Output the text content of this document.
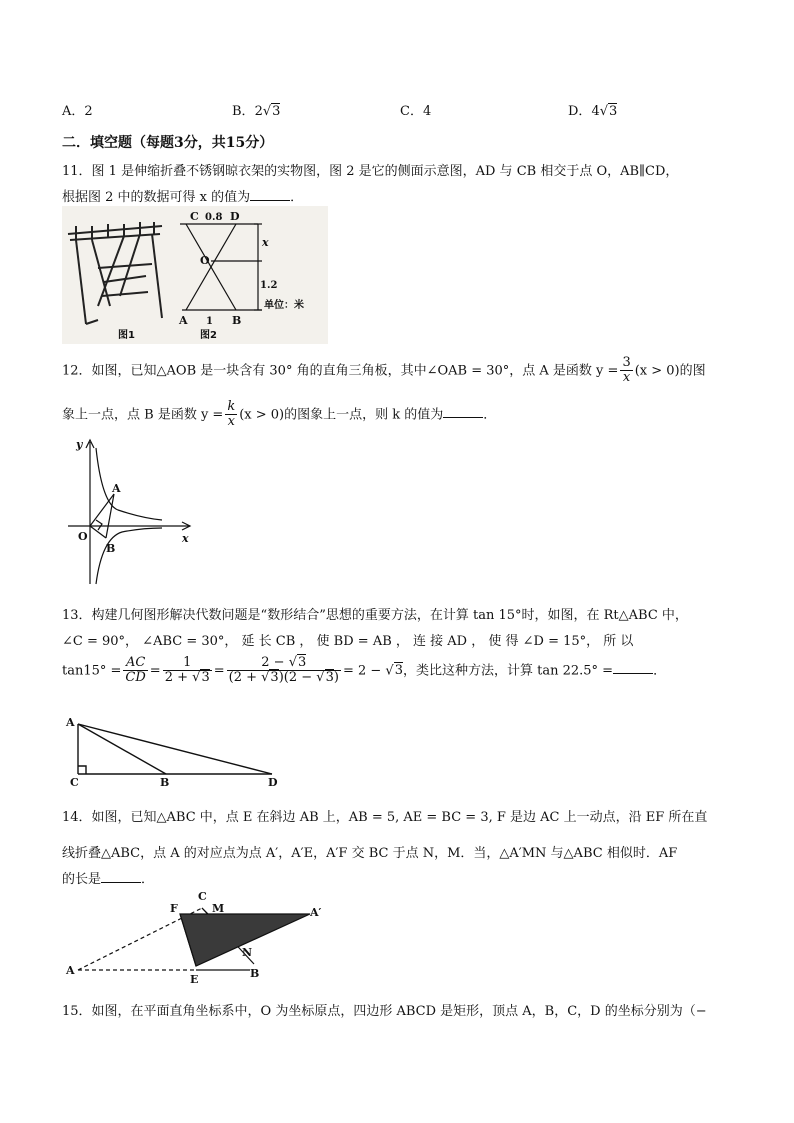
A．2	B．2√3	C．4	D．4√3
二．填空题（每题3分，共15分）
11．图 1 是伸缩折叠不锈钢晾衣架的实物图，图 2 是它的侧面示意图，AD 与 CB 相交于点 O，AB∥CD，
根据图 2 中的数据可得 x 的值为	．
C 0.8 D
O
x
1.2
单位：米
A 1 B
图1	图2
12．如图，已知△AOB 是一块含有 30° 角的直角三角板，其中∠OAB = 30°，点 A 是函数 $y = \frac{3}{x} (x > 0)$的图
象上一点，点 B 是函数 $y = \frac{k}{x} (x > 0)$的图象上一点，则 k 的值为	．
y
x
A
O
B
13．构建几何图形解决代数问题是“数形结合”思想的重要方法，在计算 tan 15°时，如图，在 Rt△ABC 中，
∠C = 90°， ∠ABC = 30°， 延 长 CB ， 使 BD = AB ， 连 接 AD ， 使 得 ∠D = 15°， 所 以
$\tan 15^\circ = \frac{AC}{CD} = \frac{1}{2 + √3} = \frac{2 - √3}{(2 + √3)(2 - √3)} = 2 - √3$，类比这种方法，计算 tan 22.5° =	．
A
C	B	D
14．如图，已知△ABC 中，点 E 在斜边 AB 上，AB = 5, AE = BC = 3, F 是边 AC 上一动点，沿 EF 所在直
线折叠△ABC，点 A 的对应点为点 A′，A′E，A′F 交 BC 于点 N，M．当，△A′MN 与△ABC 相似时．AF
的长是	．
C
F	M	A′
N
A
E	B
15．如图，在平面直角坐标系中，O 为坐标原点，四边形 ABCD 是矩形，顶点 A，B，C，D 的坐标分别为（−
